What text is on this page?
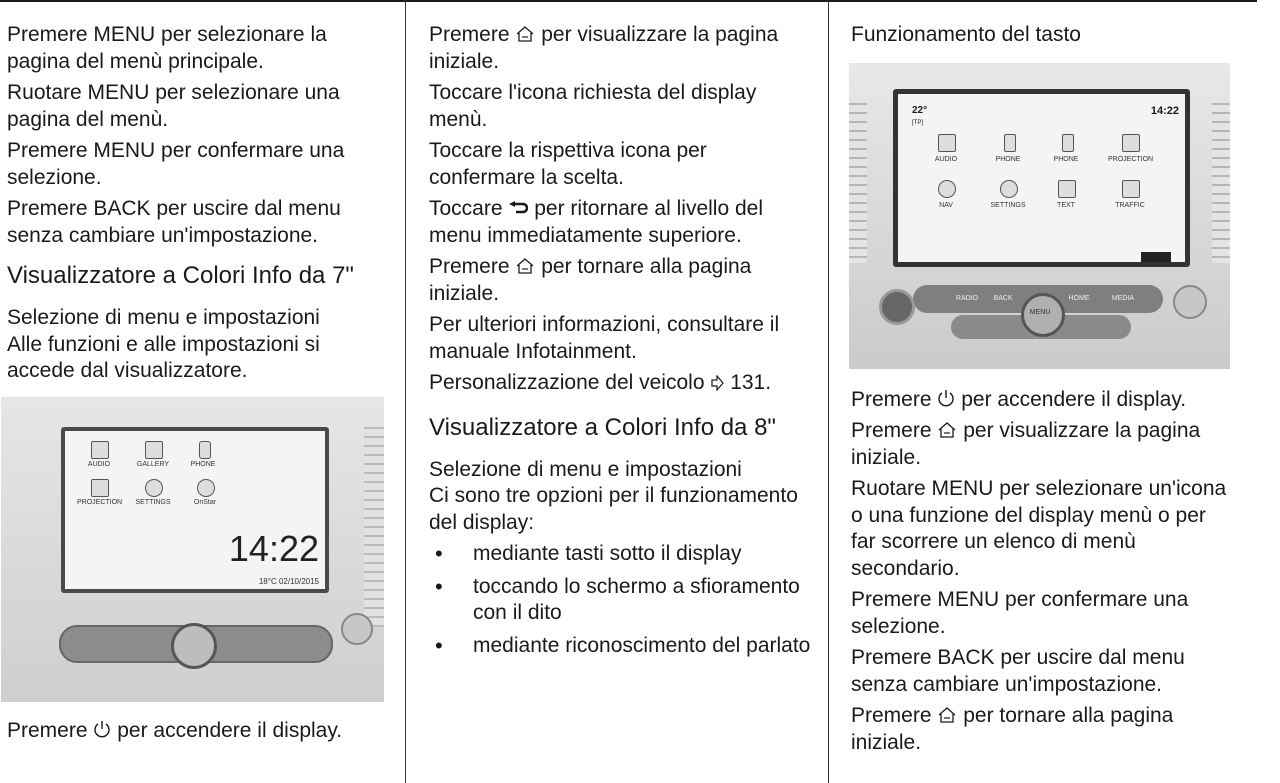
Premere MENU per selezionare la pagina del menù principale.

Ruotare MENU per selezionare una pagina del menù.

Premere MENU per confermare una selezione.

Premere BACK per uscire dal menu senza cambiare un'impostazione.

Visualizzatore a Colori Info da 7"

Selezione di menu e impostazioni

Alle funzioni e alle impostazioni si accede dal visualizzatore.

AUDIO	GALLERY	PHONE
PROJECTION	SETTINGS	OnStar
14:22
18°C 02/10/2015

Premere per accendere il display.

Premere per visualizzare la pagina iniziale.

Toccare l'icona richiesta del display menù.

Toccare la rispettiva icona per confermare la scelta.

Toccare per ritornare al livello del menu immediatamente superiore.

Premere per tornare alla pagina iniziale.

Per ulteriori informazioni, consultare il manuale Infotainment.

Personalizzazione del veicolo 131.

Visualizzatore a Colori Info da 8"

Selezione di menu e impostazioni

Ci sono tre opzioni per il funzionamento del display:

• mediante tasti sotto il display
• toccando lo schermo a sfioramento con il dito
• mediante riconoscimento del parlato

Funzionamento del tasto

22°
[TP]
14:22
AUDIO	PHONE	PHONE	PROJECTION
NAV	SETTINGS	TEXT	TRAFFIC
RADIO	BACK	HOME	MEDIA
MENU

Premere per accendere il display.

Premere per visualizzare la pagina iniziale.

Ruotare MENU per selezionare un'icona o una funzione del display menù o per far scorrere un elenco di menù secondario.

Premere MENU per confermare una selezione.

Premere BACK per uscire dal menu senza cambiare un'impostazione.

Premere per tornare alla pagina iniziale.
